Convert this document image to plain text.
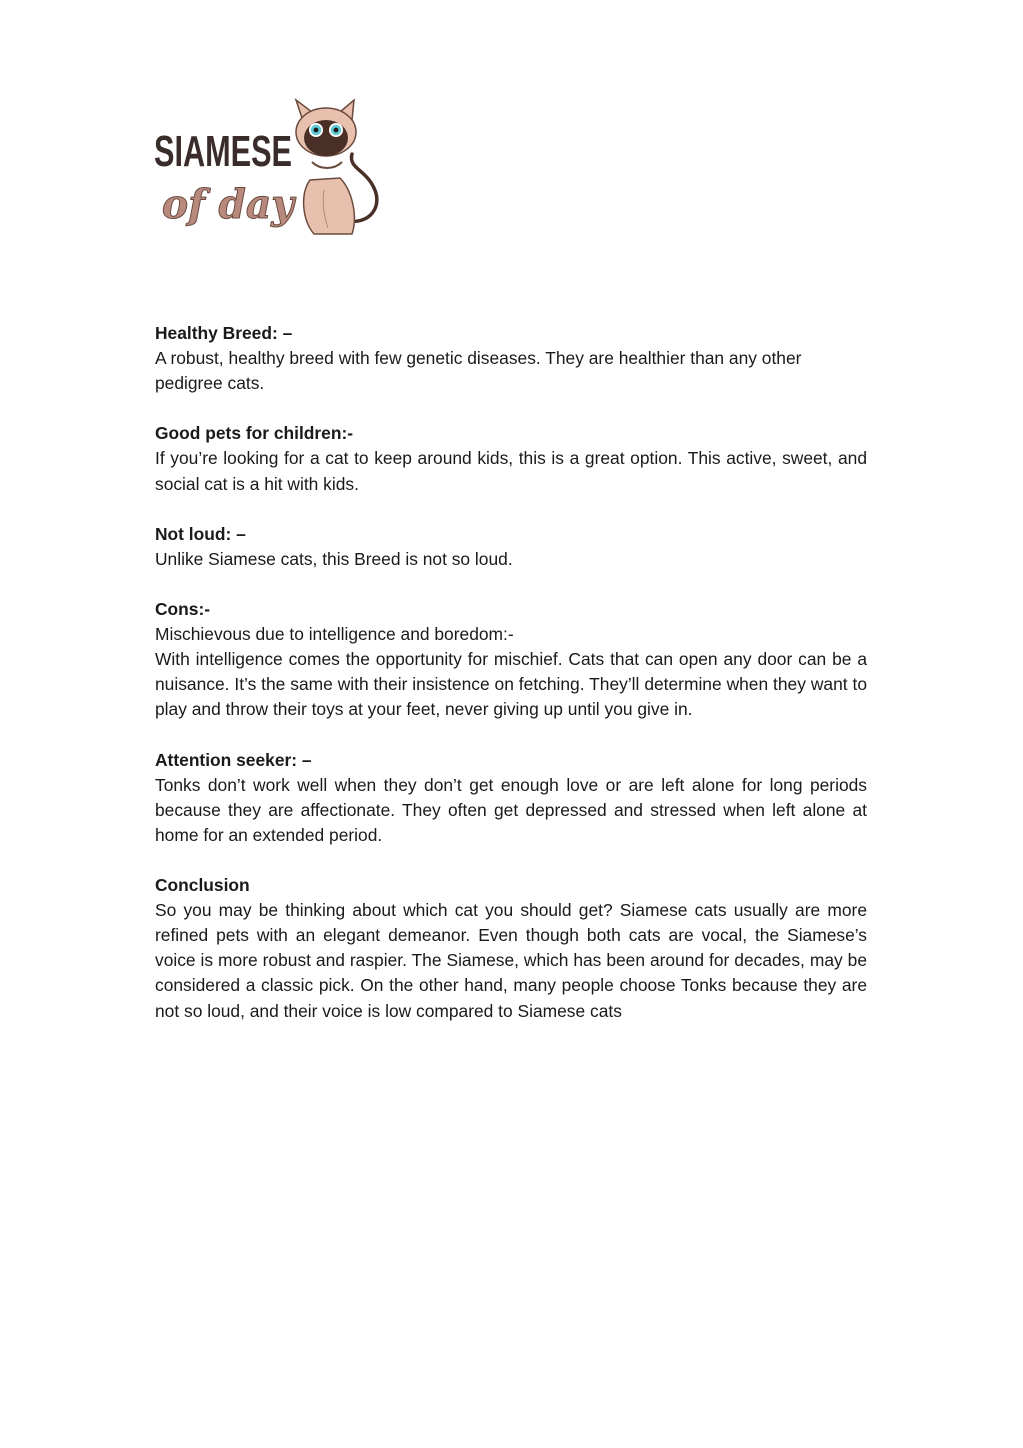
SIAMESE
of day

Healthy Breed: –

A robust, healthy breed with few genetic diseases. They are healthier than any other pedigree cats.

Good pets for children:-

If you’re looking for a cat to keep around kids, this is a great option. This active, sweet, and social cat is a hit with kids.

Not loud: –

Unlike Siamese cats, this Breed is not so loud.

Cons:-

Mischievous due to intelligence and boredom:-

With intelligence comes the opportunity for mischief. Cats that can open any door can be a nuisance. It’s the same with their insistence on fetching. They’ll determine when they want to play and throw their toys at your feet, never giving up until you give in.

Attention seeker: –

Tonks don’t work well when they don’t get enough love or are left alone for long periods because they are affectionate. They often get depressed and stressed when left alone at home for an extended period.

Conclusion

So you may be thinking about which cat you should get? Siamese cats usually are more refined pets with an elegant demeanor. Even though both cats are vocal, the Siamese’s voice is more robust and raspier. The Siamese, which has been around for decades, may be considered a classic pick. On the other hand, many people choose Tonks because they are not so loud, and their voice is low compared to Siamese cats
